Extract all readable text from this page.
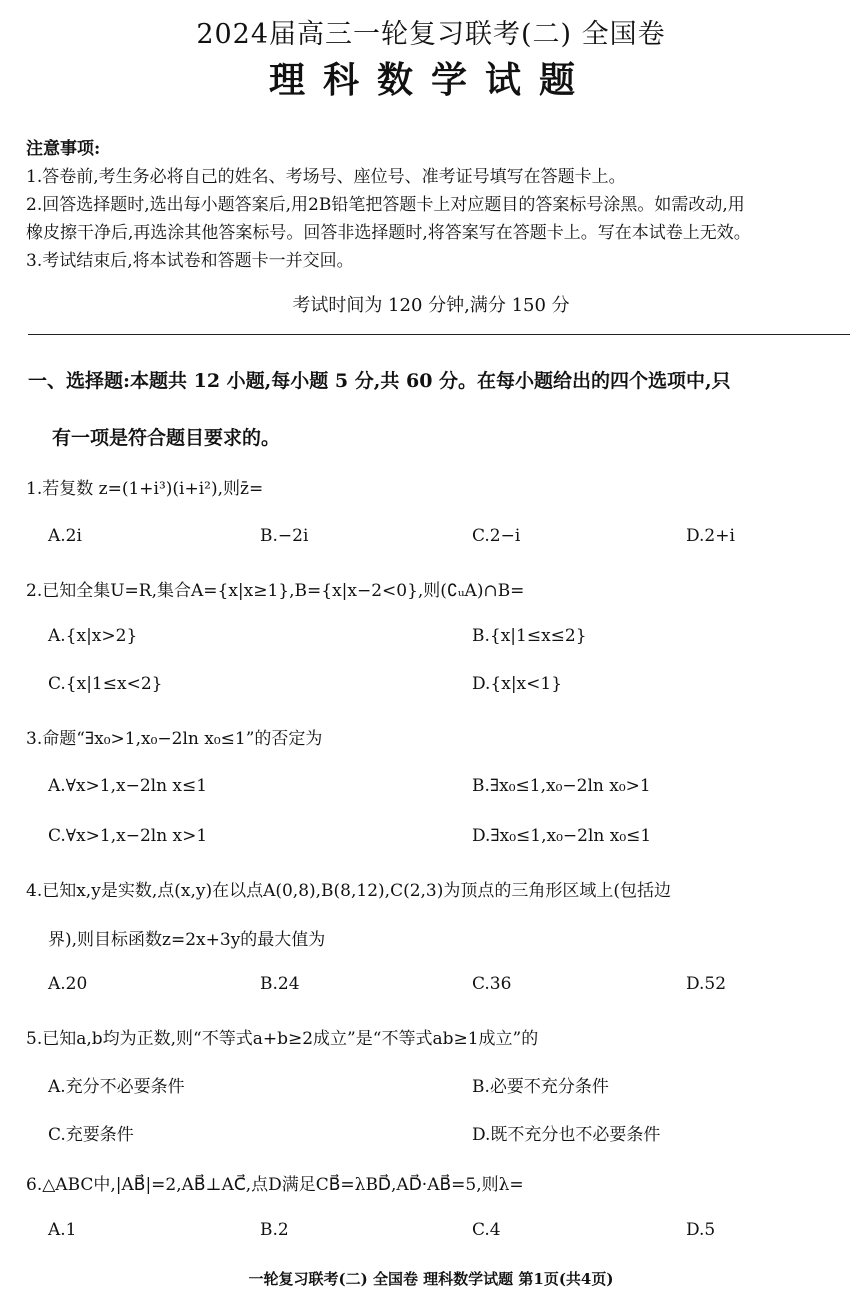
2024届高三一轮复习联考(二) 全国卷
理科数学试题

注意事项:

1.答卷前,考生务必将自己的姓名、考场号、座位号、准考证号填写在答题卡上。

2.回答选择题时,选出每小题答案后,用2B铅笔把答题卡上对应题目的答案标号涂黑。如需改动,用

橡皮擦干净后,再选涂其他答案标号。回答非选择题时,将答案写在答题卡上。写在本试卷上无效。

3.考试结束后,将本试卷和答题卡一并交回。

考试时间为 120 分钟,满分 150 分
一、选择题:本题共 12 小题,每小题 5 分,共 60 分。在每小题给出的四个选项中,只
有一项是符合题目要求的。
1.若复数 z=(1+i³)(i+i²),则z̄=
A.2i	B.−2i	C.2−i	D.2+i
2.已知全集U=R,集合A={x|x≥1},B={x|x−2<0},则(∁ᵤA)∩B=
A.{x|x>2}	B.{x|1≤x≤2}
C.{x|1≤x<2}	D.{x|x<1}
3.命题“∃x₀>1,x₀−2ln x₀≤1”的否定为
A.∀x>1,x−2ln x≤1	B.∃x₀≤1,x₀−2ln x₀>1
C.∀x>1,x−2ln x>1	D.∃x₀≤1,x₀−2ln x₀≤1
4.已知x,y是实数,点(x,y)在以点A(0,8),B(8,12),C(2,3)为顶点的三角形区域上(包括边
界),则目标函数z=2x+3y的最大值为
A.20	B.24	C.36	D.52
5.已知a,b均为正数,则“不等式a+b≥2成立”是“不等式ab≥1成立”的
A.充分不必要条件	B.必要不充分条件
C.充要条件	D.既不充分也不必要条件
6.△ABC中,|AB⃗|=2,AB⃗⊥AC⃗,点D满足CB⃗=λBD⃗,AD⃗·AB⃗=5,则λ=
A.1	B.2	C.4	D.5
一轮复习联考(二) 全国卷 理科数学试题 第1页(共4页)
